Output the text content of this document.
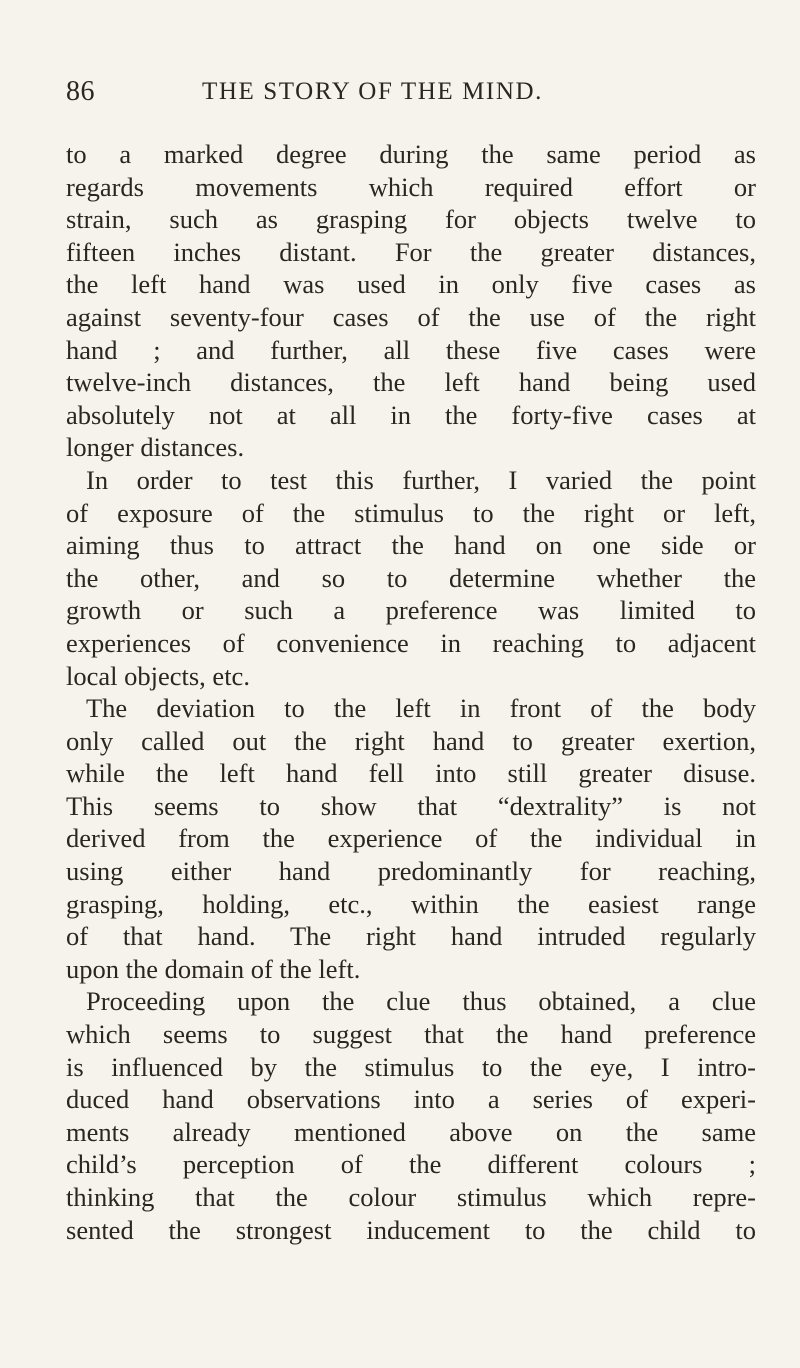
86	THE STORY OF THE MIND.
to a marked degree during the same period as
regards movements which required effort or
strain, such as grasping for objects twelve to
fifteen inches distant. For the greater distances,
the left hand was used in only five cases as
against seventy-four cases of the use of the right
hand ; and further, all these five cases were
twelve-inch distances, the left hand being used
absolutely not at all in the forty-five cases at
longer distances.
In order to test this further, I varied the point
of exposure of the stimulus to the right or left,
aiming thus to attract the hand on one side or
the other, and so to determine whether the
growth or such a preference was limited to
experiences of convenience in reaching to adjacent
local objects, etc.
The deviation to the left in front of the body
only called out the right hand to greater exertion,
while the left hand fell into still greater disuse.
This seems to show that “dextrality” is not
derived from the experience of the individual in
using either hand predominantly for reaching,
grasping, holding, etc., within the easiest range
of that hand. The right hand intruded regularly
upon the domain of the left.
Proceeding upon the clue thus obtained, a clue
which seems to suggest that the hand preference
is influenced by the stimulus to the eye, I intro-
duced hand observations into a series of experi-
ments already mentioned above on the same
child’s perception of the different colours ;
thinking that the colour stimulus which repre-
sented the strongest inducement to the child to
